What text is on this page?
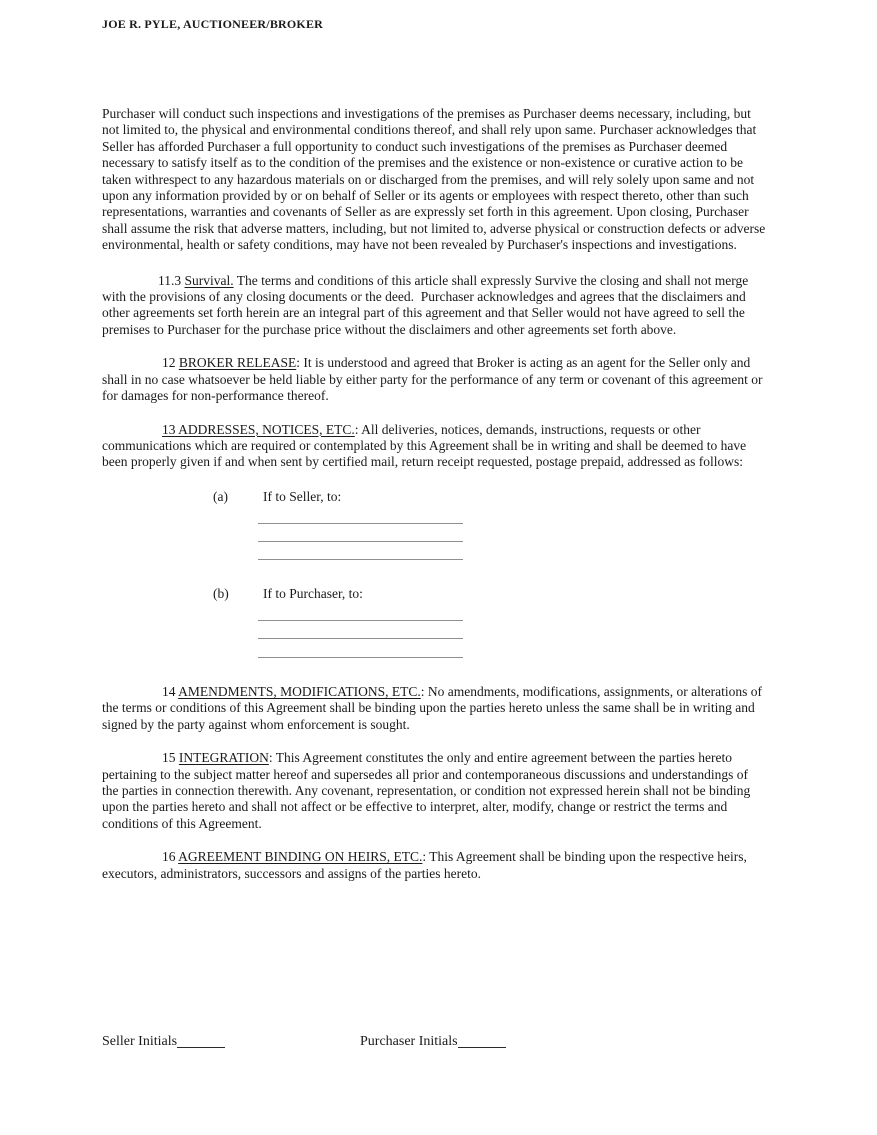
JOE R. PYLE, AUCTIONEER/BROKER

Purchaser will conduct such inspections and investigations of the premises as Purchaser deems necessary, including, but not limited to, the physical and environmental conditions thereof, and shall rely upon same. Purchaser acknowledges that Seller has afforded Purchaser a full opportunity to conduct such investigations of the premises as Purchaser deemed necessary to satisfy itself as to the condition of the premises and the existence or non-existence or curative action to be taken withrespect to any hazardous materials on or discharged from the premises, and will rely solely upon same and not upon any information provided by or on behalf of Seller or its agents or employees with respect thereto, other than such representations, warranties and covenants of Seller as are expressly set forth in this agreement. Upon closing, Purchaser shall assume the risk that adverse matters, including, but not limited to, adverse physical or construction defects or adverse environmental, health or safety conditions, may have not been revealed by Purchaser's inspections and investigations.

11.3 Survival. The terms and conditions of this article shall expressly Survive the closing and shall not merge with the provisions of any closing documents or the deed.  Purchaser acknowledges and agrees that the disclaimers and other agreements set forth herein are an integral part of this agreement and that Seller would not have agreed to sell the premises to Purchaser for the purchase price without the disclaimers and other agreements set forth above.

12 BROKER RELEASE: It is understood and agreed that Broker is acting as an agent for the Seller only and shall in no case whatsoever be held liable by either party for the performance of any term or covenant of this agreement or for damages for non-performance thereof.

13 ADDRESSES, NOTICES, ETC.: All deliveries, notices, demands, instructions, requests or other communications which are required or contemplated by this Agreement shall be in writing and shall be deemed to have been properly given if and when sent by certified mail, return receipt requested, postage prepaid, addressed as follows:

(a)	If to Seller, to:
(b)	If to Purchaser, to:

14 AMENDMENTS, MODIFICATIONS, ETC.: No amendments, modifications, assignments, or alterations of the terms or conditions of this Agreement shall be binding upon the parties hereto unless the same shall be in writing and signed by the party against whom enforcement is sought.

15 INTEGRATION: This Agreement constitutes the only and entire agreement between the parties hereto pertaining to the subject matter hereof and supersedes all prior and contemporaneous discussions and understandings of the parties in connection therewith. Any covenant, representation, or condition not expressed herein shall not be binding upon the parties hereto and shall not affect or be effective to interpret, alter, modify, change or restrict the terms and conditions of this Agreement.

16 AGREEMENT BINDING ON HEIRS, ETC.: This Agreement shall be binding upon the respective heirs, executors, administrators, successors and assigns of the parties hereto.

Seller Initials	Purchaser Initials
